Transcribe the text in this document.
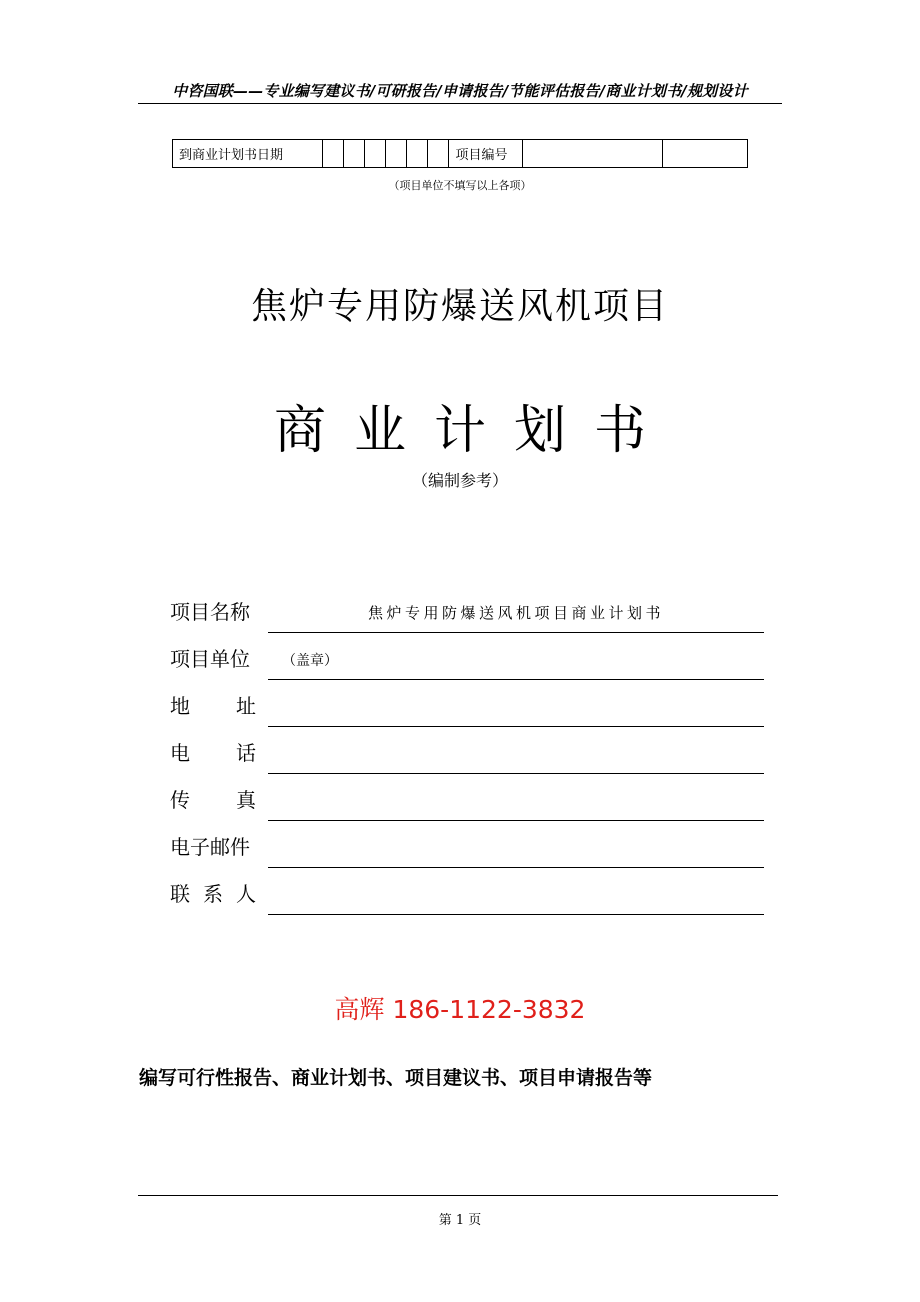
中咨国联——专业编写建议书/可研报告/申请报告/节能评估报告/商业计划书/规划设计
到商业计划书日期							项目编号		
（项目单位不填写以上各项）
焦炉专用防爆送风机项目
商业计划书
（编制参考）
项目名称	焦炉专用防爆送风机项目商业计划书
项目单位	（盖章）
地 址
电 话
传 真
电子邮件
联 系 人
高辉 186-1122-3832
编写可行性报告、商业计划书、项目建议书、项目申请报告等
第 1 页
